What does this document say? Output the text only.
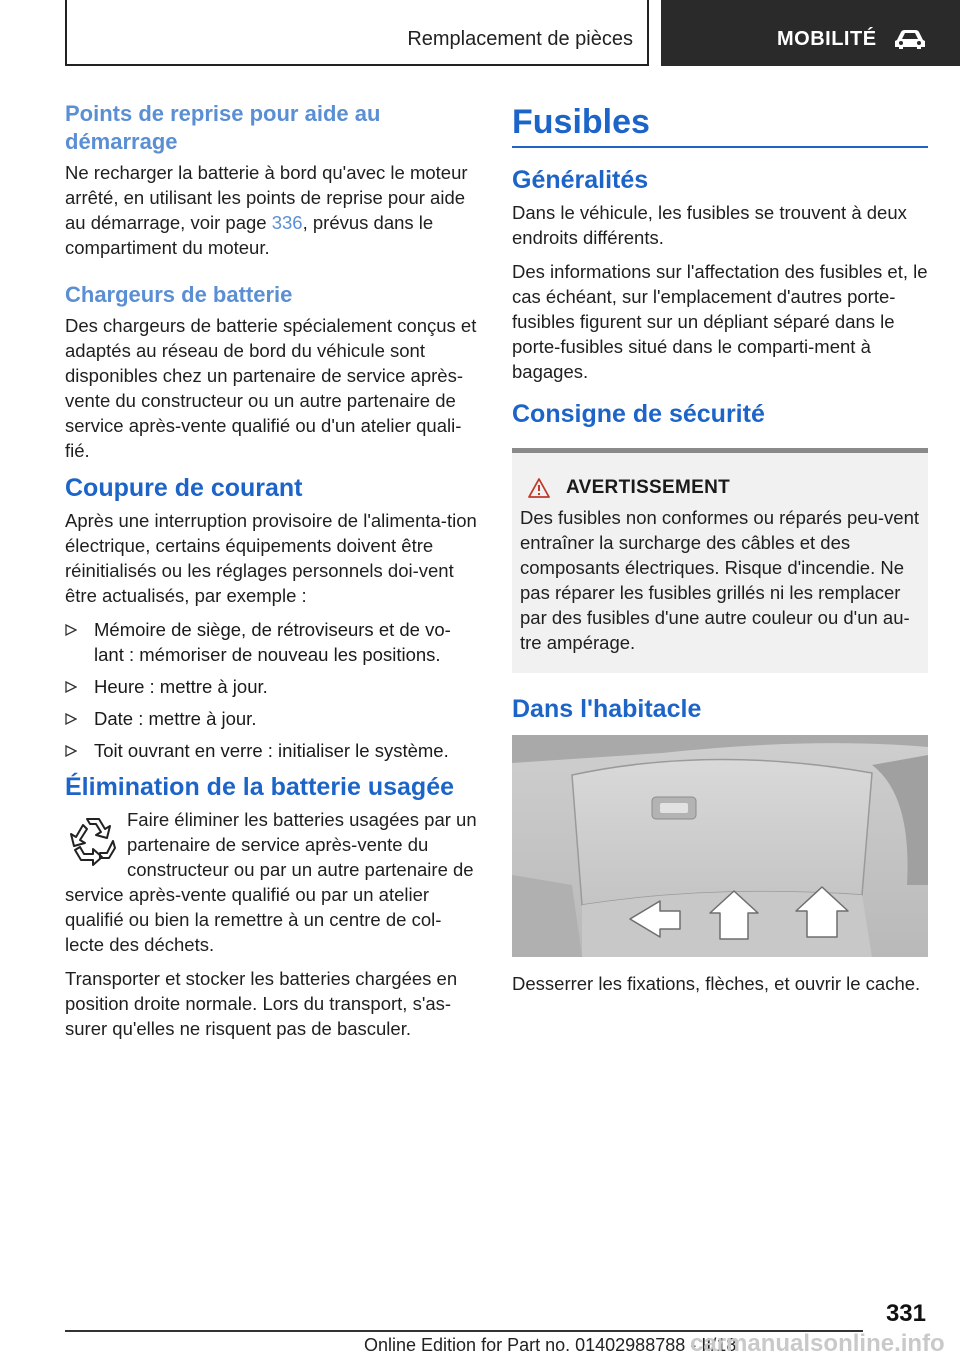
Remplacement de pièces	MOBILITÉ
Points de reprise pour aide au démarrage

Ne recharger la batterie à bord qu'avec le moteur arrêté, en utilisant les points de reprise pour aide au démarrage, voir page 336, prévus dans le compartiment du moteur.

Chargeurs de batterie

Des chargeurs de batterie spécialement conçus et adaptés au réseau de bord du véhicule sont disponibles chez un partenaire de service après-vente du constructeur ou un autre partenaire de service après-vente qualifié ou d'un atelier quali‐fié.

Coupure de courant

Après une interruption provisoire de l'alimenta‐tion électrique, certains équipements doivent être réinitialisés ou les réglages personnels doi‐vent être actualisés, par exemple :

Mémoire de siège, de rétroviseurs et de vo‐lant : mémoriser de nouveau les positions.
Heure : mettre à jour.
Date : mettre à jour.
Toit ouvrant en verre : initialiser le système.
Élimination de la batterie usagée

Faire éliminer les batteries usagées par un partenaire de service après-vente du constructeur ou par un autre partenaire de service après-vente qualifié ou par un atelier qualifié ou bien la remettre à un centre de col‐lecte des déchets.

Transporter et stocker les batteries chargées en position droite normale. Lors du transport, s'as‐surer qu'elles ne risquent pas de basculer.

Fusibles
Généralités

Dans le véhicule, les fusibles se trouvent à deux endroits différents.

Des informations sur l'affectation des fusibles et, le cas échéant, sur l'emplacement d'autres porte-fusibles figurent sur un dépliant séparé dans le porte-fusibles situé dans le comparti‐ment à bagages.

Consigne de sécurité
AVERTISSEMENT

Des fusibles non conformes ou réparés peu‐vent entraîner la surcharge des câbles et des composants électriques. Risque d'incendie. Ne pas réparer les fusibles grillés ni les remplacer par des fusibles d'une autre couleur ou d'un au‐tre ampérage.

Dans l'habitacle

Desserrer les fixations, flèches, et ouvrir le cache.

331
Online Edition for Part no. 01402988788 - II/18
carmanualsonline.info
